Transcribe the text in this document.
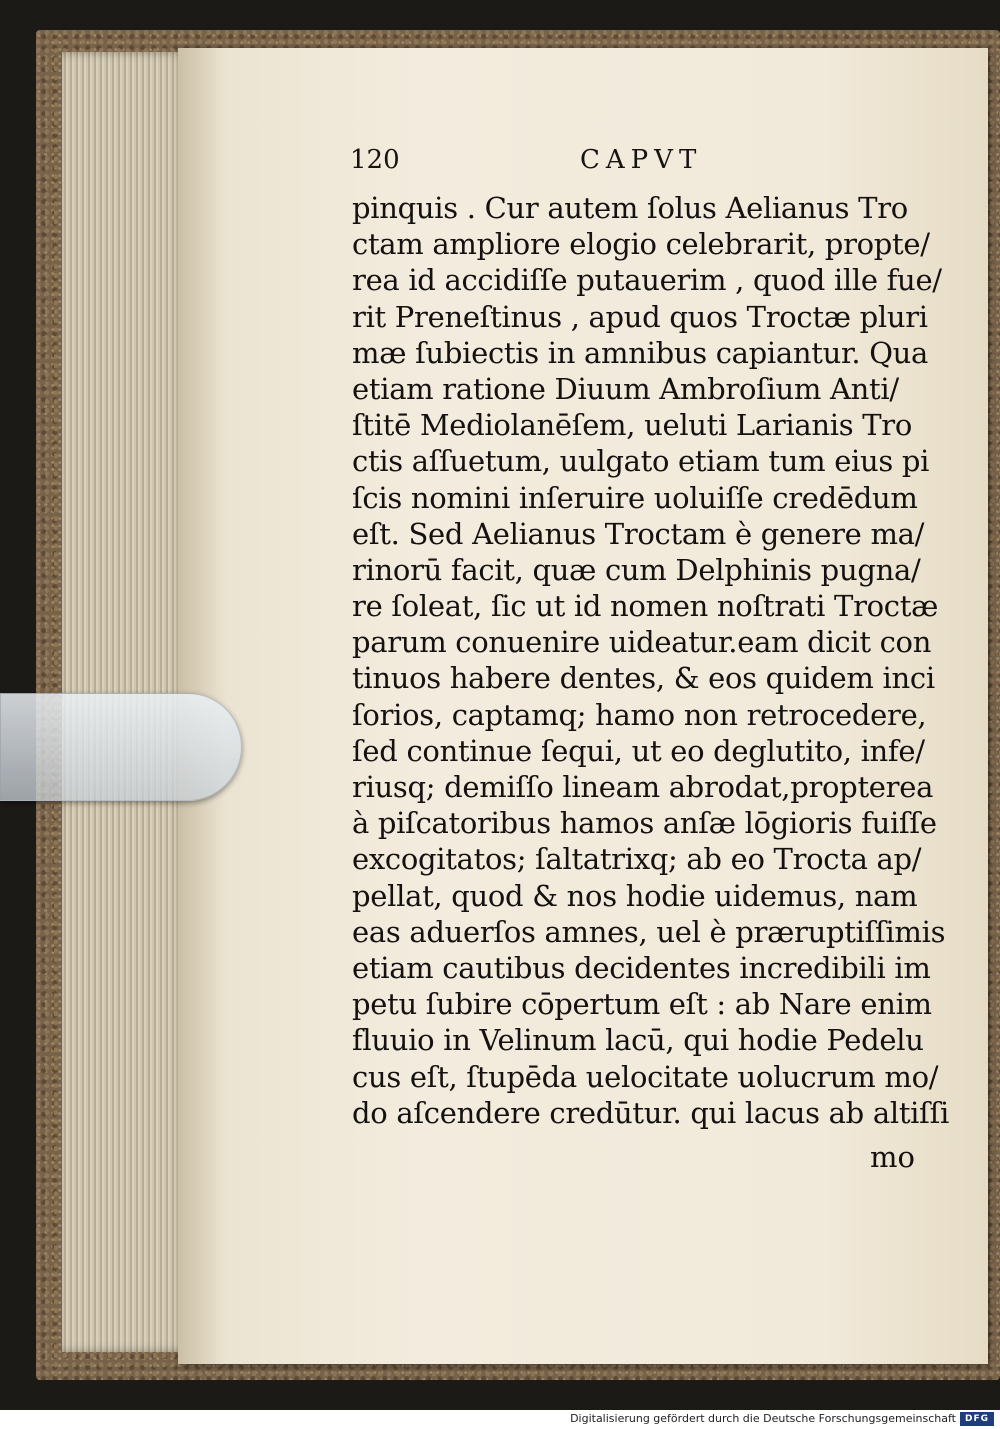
120	CAPVT
pinquis . Cur autem ſolus Aelianus Tro
ctam ampliore elogio celebrarit, propte/
rea id accidiſſe putauerim , quod ille fue/
rit Preneſtinus , apud quos Troctæ pluri
mæ ſubiectis in amnibus capiantur. Qua
etiam ratione Diuum Ambroſium Anti/
ſtitē Mediolanēſem, ueluti Larianis Tro
ctis aſſuetum, uulgato etiam tum eius pi
ſcis nomini inſeruire uoluiſſe credēdum
eſt. Sed Aelianus Troctam è genere ma/
rinorū facit, quæ cum Delphinis pugna/
re ſoleat, ſic ut id nomen noſtrati Troctæ
parum conuenire uideatur.eam dicit con
tinuos habere dentes, & eos quidem inci
ſorios, captamq; hamo non retrocedere,
ſed continue ſequi, ut eo deglutito, infe/
riusq; demiſſo lineam abrodat,propterea
à piſcatoribus hamos anſæ lōgioris fuiſſe
excogitatos; ſaltatrixq; ab eo Trocta ap/
pellat, quod & nos hodie uidemus, nam
eas aduerſos amnes, uel è præruptiſſimis
etiam cautibus decidentes incredibili im
petu ſubire cōpertum eſt : ab Nare enim
fluuio in Velinum lacū, qui hodie Pedelu
cus eſt, ſtupēda uelocitate uolucrum mo/
do aſcendere credūtur. qui lacus ab altiſſi
mo
Digitalisierung gefördert durch die Deutsche Forschungsgemeinschaft DFG
